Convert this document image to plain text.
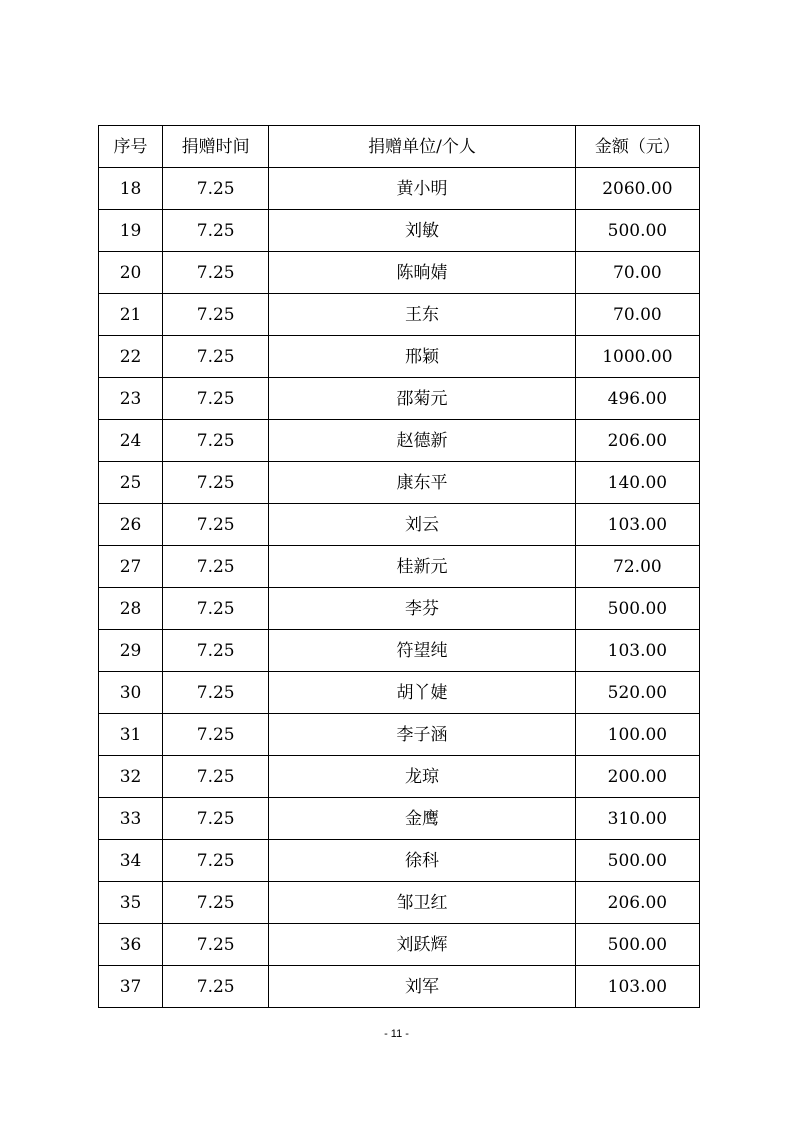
序号	捐赠时间	捐赠单位/个人	金额（元）
18	7.25	黄小明	2060.00
19	7.25	刘敏	500.00
20	7.25	陈晌婧	70.00
21	7.25	王东	70.00
22	7.25	邢颖	1000.00
23	7.25	邵菊元	496.00
24	7.25	赵德新	206.00
25	7.25	康东平	140.00
26	7.25	刘云	103.00
27	7.25	桂新元	72.00
28	7.25	李芬	500.00
29	7.25	符望纯	103.00
30	7.25	胡丫婕	520.00
31	7.25	李子涵	100.00
32	7.25	龙琼	200.00
33	7.25	金鹰	310.00
34	7.25	徐科	500.00
35	7.25	邹卫红	206.00
36	7.25	刘跃辉	500.00
37	7.25	刘军	103.00
- 11 -
